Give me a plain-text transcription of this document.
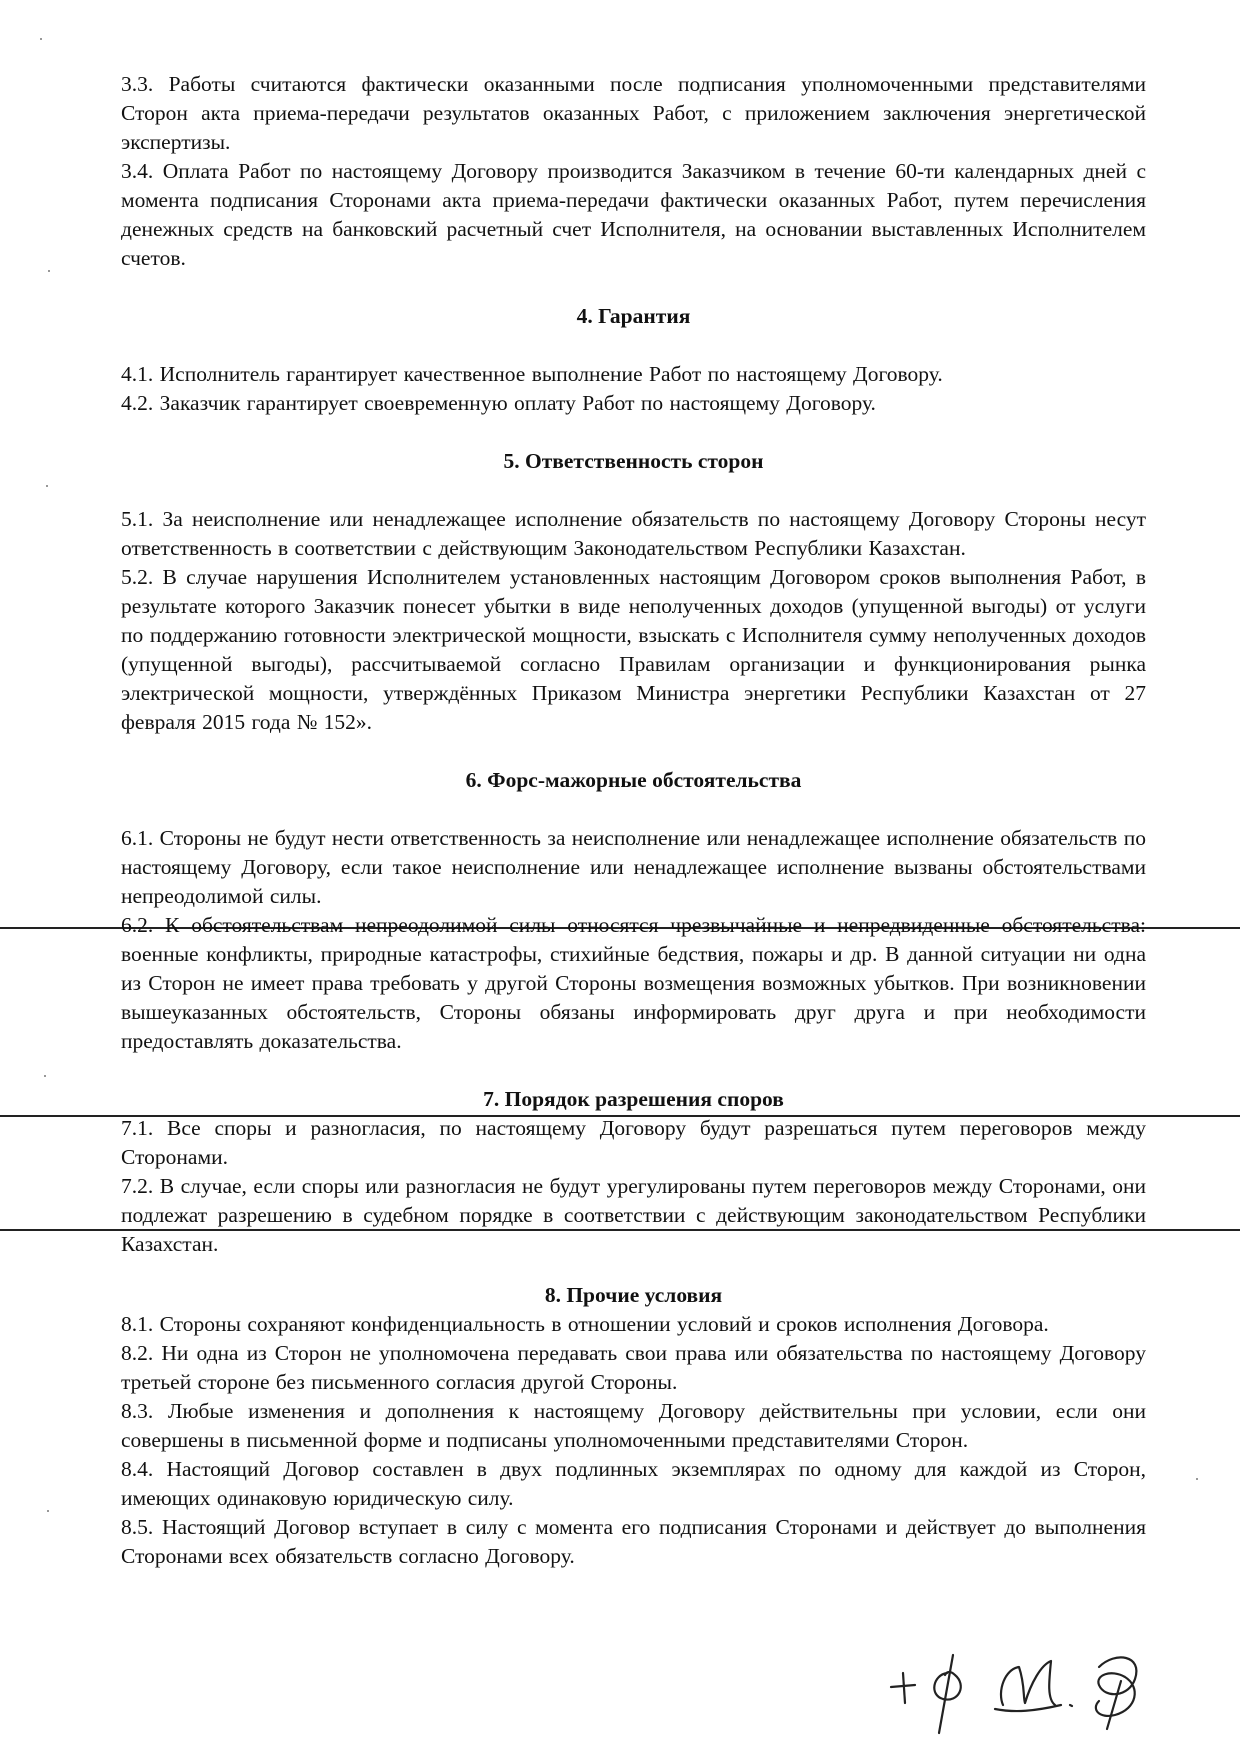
3.3. Работы считаются фактически оказанными после подписания уполномоченными представителями Сторон акта приема-передачи результатов оказанных Работ, с приложением заключения энергетической экспертизы.

3.4. Оплата Работ по настоящему Договору производится Заказчиком в течение 60-ти календарных дней с момента подписания Сторонами акта приема-передачи фактически оказанных Работ, путем перечисления денежных средств на банковский расчетный счет Исполнителя, на основании выставленных Исполнителем счетов.

4. Гарантия

4.1. Исполнитель гарантирует качественное выполнение Работ по настоящему Договору.

4.2. Заказчик гарантирует своевременную оплату Работ по настоящему Договору.

5. Ответственность сторон

5.1. За неисполнение или ненадлежащее исполнение обязательств по настоящему Договору Стороны несут ответственность в соответствии с действующим Законодательством Республики Казахстан.

5.2. В случае нарушения Исполнителем установленных настоящим Договором сроков выполнения Работ, в результате которого Заказчик понесет убытки в виде неполученных доходов (упущенной выгоды) от услуги по поддержанию готовности электрической мощности, взыскать с Исполнителя сумму неполученных доходов (упущенной выгоды), рассчитываемой согласно Правилам организации и функционирования рынка электрической мощности, утверждённых Приказом Министра энергетики Республики Казахстан от 27 февраля 2015 года № 152».

6. Форс-мажорные обстоятельства

6.1. Стороны не будут нести ответственность за неисполнение или ненадлежащее исполнение обязательств по настоящему Договору, если такое неисполнение или ненадлежащее исполнение вызваны обстоятельствами непреодолимой силы.

6.2. К обстоятельствам непреодолимой силы относятся чрезвычайные и непредвиденные обстоятельства: военные конфликты, природные катастрофы, стихийные бедствия, пожары и др. В данной ситуации ни одна из Сторон не имеет права требовать у другой Стороны возмещения возможных убытков. При возникновении вышеуказанных обстоятельств, Стороны обязаны информировать друг друга и при необходимости предоставлять доказательства.

7. Порядок разрешения споров

7.1. Все споры и разногласия, по настоящему Договору будут разрешаться путем переговоров между Сторонами.

7.2. В случае, если споры или разногласия не будут урегулированы путем переговоров между Сторонами, они подлежат разрешению в судебном порядке в соответствии с действующим законодательством Республики Казахстан.

8. Прочие условия

8.1. Стороны сохраняют конфиденциальность в отношении условий и сроков исполнения Договора.

8.2. Ни одна из Сторон не уполномочена передавать свои права или обязательства по настоящему Договору третьей стороне без письменного согласия другой Стороны.

8.3. Любые изменения и дополнения к настоящему Договору действительны при условии, если они совершены в письменной форме и подписаны уполномоченными представителями Сторон.

8.4. Настоящий Договор составлен в двух подлинных экземплярах по одному для каждой из Сторон, имеющих одинаковую юридическую силу.

8.5. Настоящий Договор вступает в силу с момента его подписания Сторонами и действует до выполнения Сторонами всех обязательств согласно Договору.
